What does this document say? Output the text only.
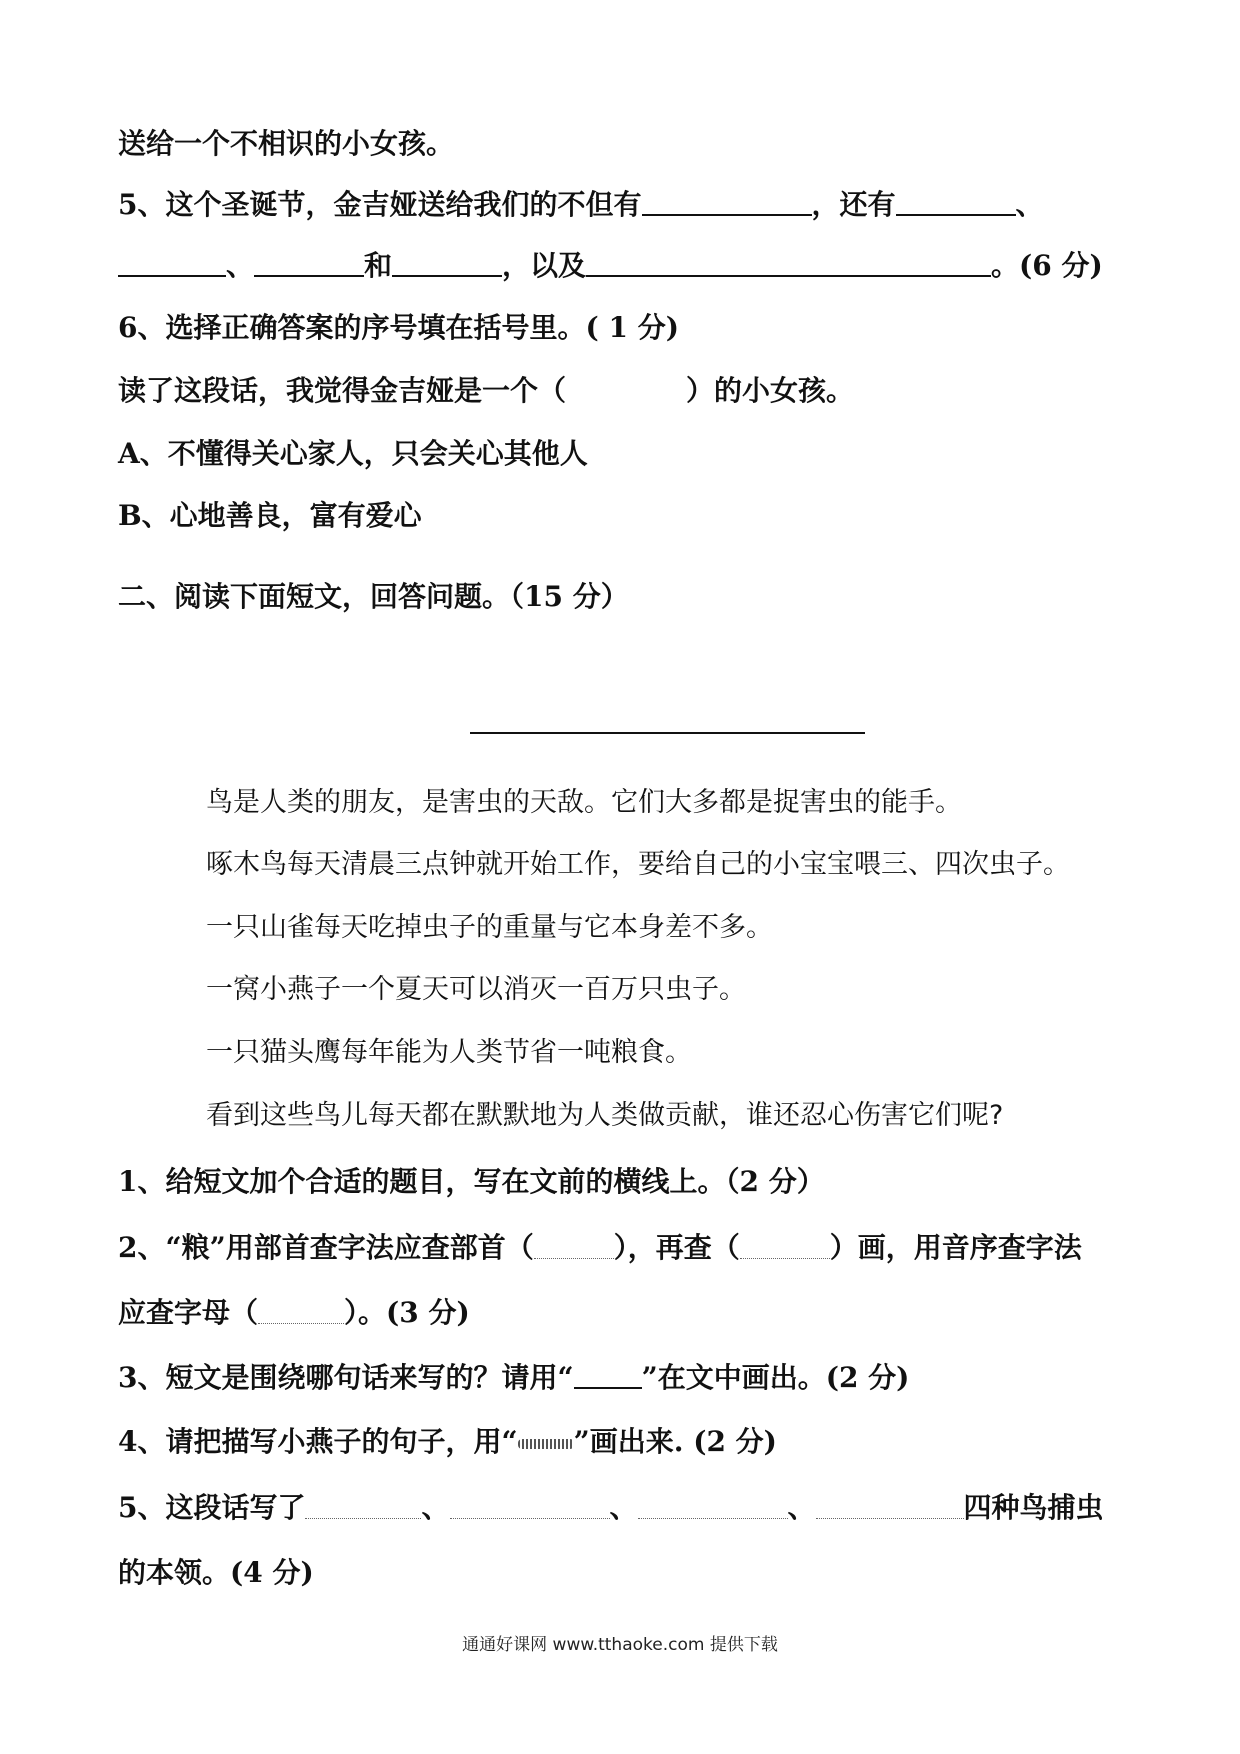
送给一个不相识的小女孩。
5、这个圣诞节，金吉娅送给我们的不但有	，还有	、
、	和	，以及	。(6 分)
6、选择正确答案的序号填在括号里。( 1 分)
读了这段话，我觉得金吉娅是一个（	）的小女孩。
A、不懂得关心家人，只会关心其他人
B、心地善良，富有爱心
二、阅读下面短文，回答问题。（15 分）
鸟是人类的朋友，是害虫的天敌。它们大多都是捉害虫的能手。
啄木鸟每天清晨三点钟就开始工作，要给自己的小宝宝喂三、四次虫子。
一只山雀每天吃掉虫子的重量与它本身差不多。
一窝小燕子一个夏天可以消灭一百万只虫子。
一只猫头鹰每年能为人类节省一吨粮食。
看到这些鸟儿每天都在默默地为人类做贡献，谁还忍心伤害它们呢?
1、给短文加个合适的题目，写在文前的横线上。（2 分）
2、“粮”用部首查字法应查部首（	），再查（	）画，用音序查字法
应查字母（	）。(3 分)
3、短文是围绕哪句话来写的？请用“ ”在文中画出。(2 分)
4、请把描写小燕子的句子，用“ ”画出来. (2 分)
5、这段话写了	、	、	、	四种鸟捕虫
的本领。(4 分)
通通好课网 www.tthaoke.com 提供下载
